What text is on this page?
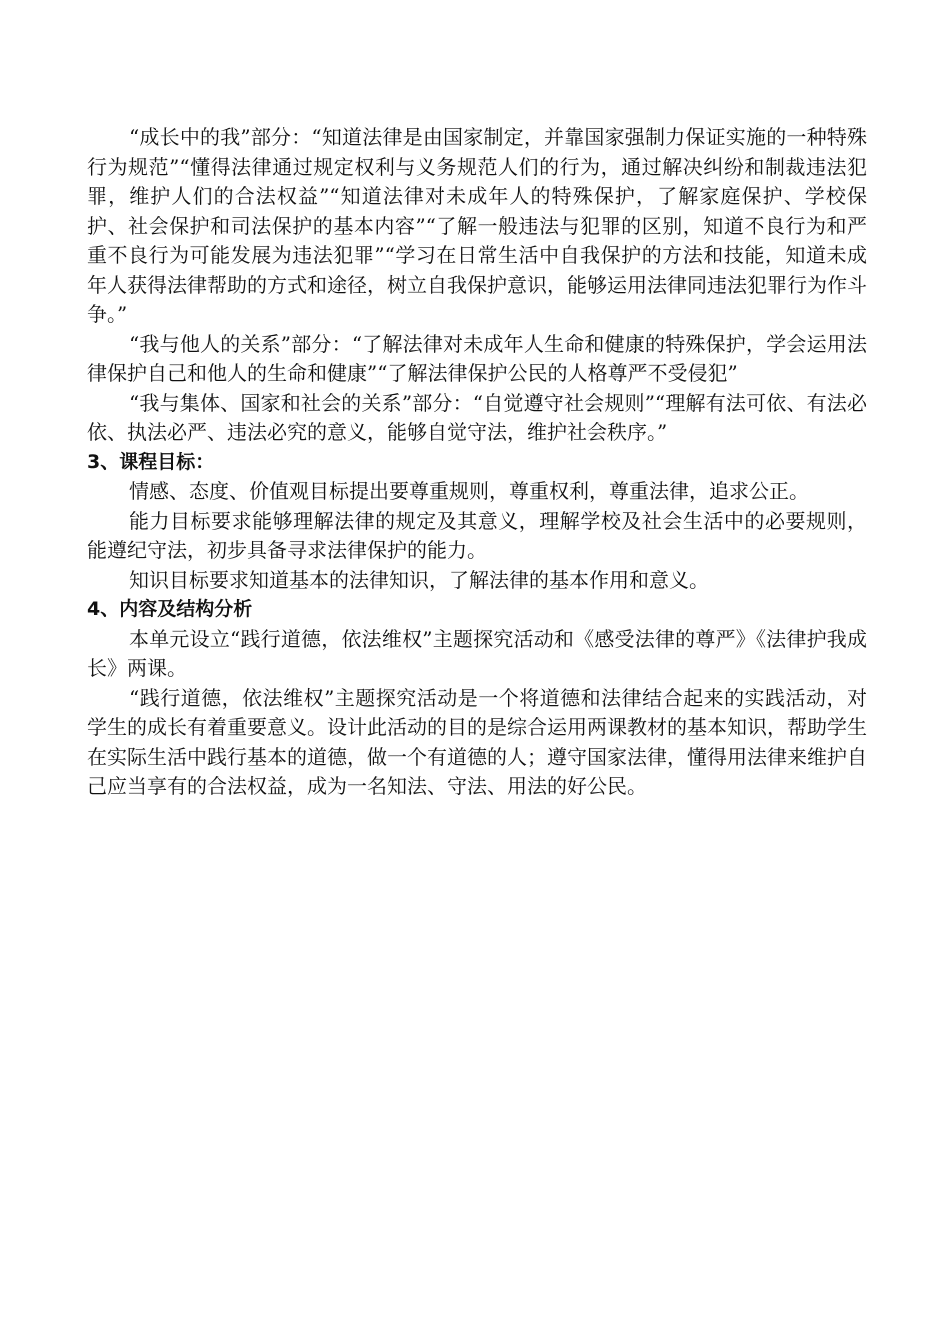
“成长中的我”部分：“知道法律是由国家制定，并靠国家强制力保证实施的一种特殊行为规范”“懂得法律通过规定权利与义务规范人们的行为，通过解决纠纷和制裁违法犯罪，维护人们的合法权益”“知道法律对未成年人的特殊保护，了解家庭保护、学校保护、社会保护和司法保护的基本内容”“了解一般违法与犯罪的区别，知道不良行为和严重不良行为可能发展为违法犯罪”“学习在日常生活中自我保护的方法和技能，知道未成年人获得法律帮助的方式和途径，树立自我保护意识，能够运用法律同违法犯罪行为作斗争。”

“我与他人的关系”部分：“了解法律对未成年人生命和健康的特殊保护，学会运用法律保护自己和他人的生命和健康”“了解法律保护公民的人格尊严不受侵犯”

“我与集体、国家和社会的关系”部分：“自觉遵守社会规则”“理解有法可依、有法必依、执法必严、违法必究的意义，能够自觉守法，维护社会秩序。”

3、课程目标：

情感、态度、价值观目标提出要尊重规则，尊重权利，尊重法律，追求公正。

能力目标要求能够理解法律的规定及其意义，理解学校及社会生活中的必要规则，能遵纪守法，初步具备寻求法律保护的能力。

知识目标要求知道基本的法律知识，了解法律的基本作用和意义。

4、内容及结构分析

本单元设立“践行道德，依法维权”主题探究活动和《感受法律的尊严》《法律护我成长》两课。

“践行道德，依法维权”主题探究活动是一个将道德和法律结合起来的实践活动，对学生的成长有着重要意义。设计此活动的目的是综合运用两课教材的基本知识，帮助学生在实际生活中践行基本的道德，做一个有道德的人；遵守国家法律，懂得用法律来维护自己应当享有的合法权益，成为一名知法、守法、用法的好公民。
